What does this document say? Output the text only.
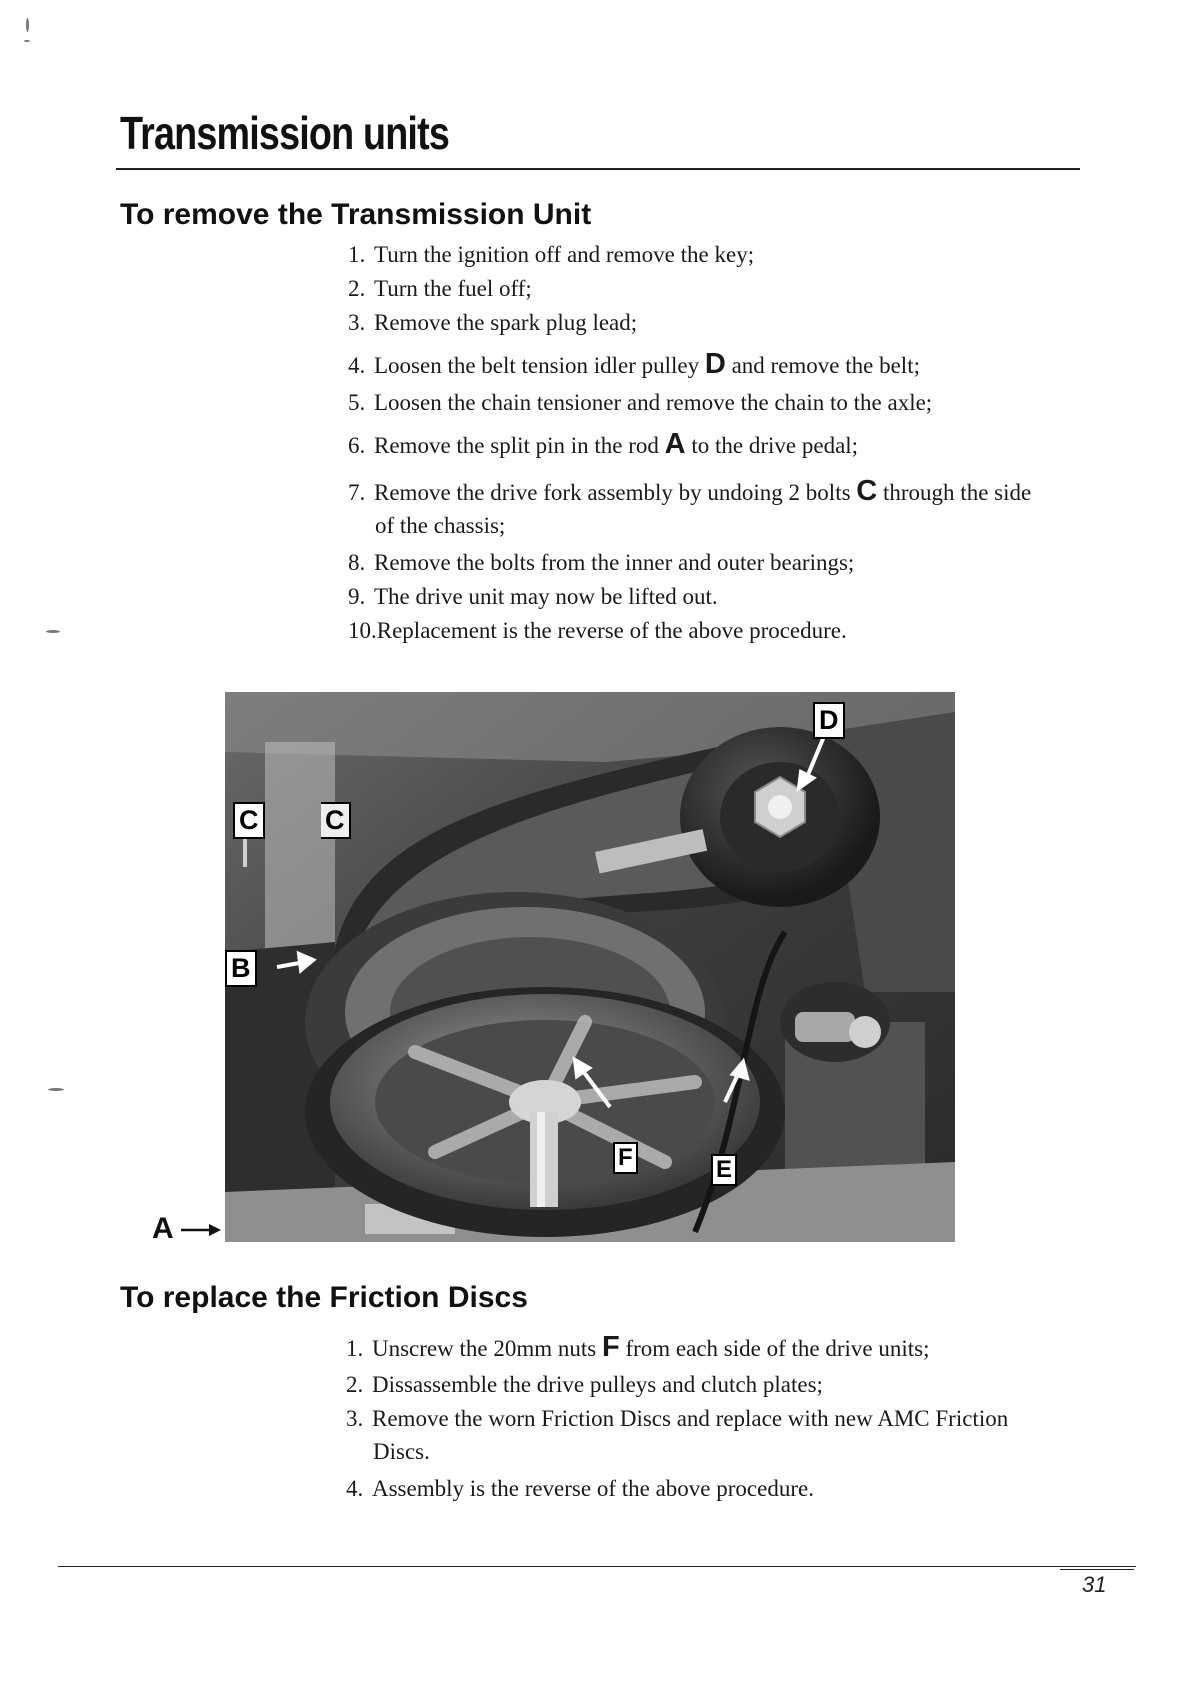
Transmission units
To remove the Transmission Unit
1. Turn the ignition off and remove the key;
2. Turn the fuel off;
3. Remove the spark plug lead;
4. Loosen the belt tension idler pulley D and remove the belt;
5. Loosen the chain tensioner and remove the chain to the axle;
6. Remove the split pin in the rod A to the drive pedal;
7. Remove the drive fork assembly by undoing 2 bolts C through the side
of the chassis;
8. Remove the bolts from the inner and outer bearings;
9. The drive unit may now be lifted out.
10.Replacement is the reverse of the above procedure.
C C
B
D
E
F
A
To replace the Friction Discs
1. Unscrew the 20mm nuts F from each side of the drive units;
2. Dissassemble the drive pulleys and clutch plates;
3. Remove the worn Friction Discs and replace with new AMC Friction
Discs.
4. Assembly is the reverse of the above procedure.
31
